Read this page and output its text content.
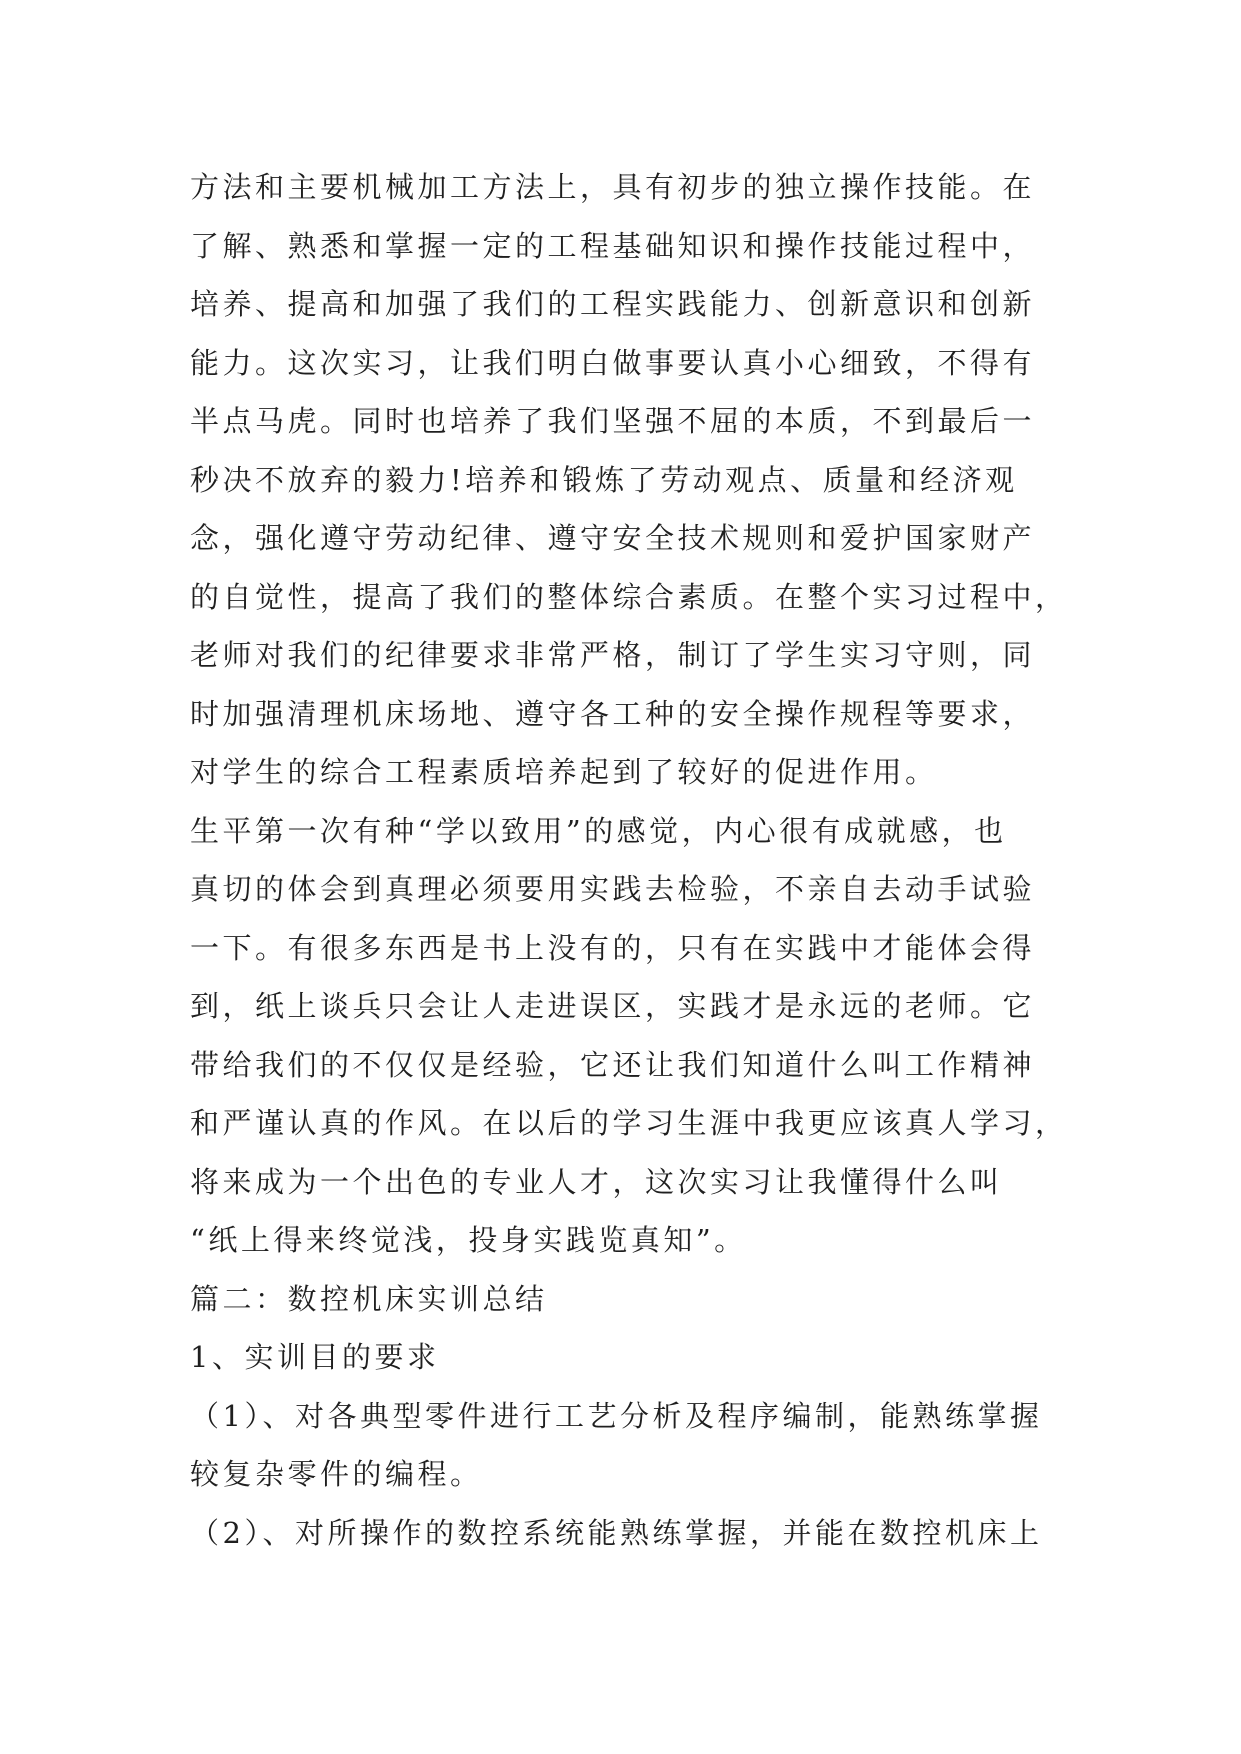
方法和主要机械加工方法上，具有初步的独立操作技能。在
了解、熟悉和掌握一定的工程基础知识和操作技能过程中，
培养、提高和加强了我们的工程实践能力、创新意识和创新
能力。这次实习，让我们明白做事要认真小心细致，不得有
半点马虎。同时也培养了我们坚强不屈的本质，不到最后一
秒决不放弃的毅力!培养和锻炼了劳动观点、质量和经济观
念，强化遵守劳动纪律、遵守安全技术规则和爱护国家财产
的自觉性，提高了我们的整体综合素质。在整个实习过程中，
老师对我们的纪律要求非常严格，制订了学生实习守则，同
时加强清理机床场地、遵守各工种的安全操作规程等要求，
对学生的综合工程素质培养起到了较好的促进作用。
生平第一次有种“学以致用”的感觉，内心很有成就感，也
真切的体会到真理必须要用实践去检验，不亲自去动手试验
一下。有很多东西是书上没有的，只有在实践中才能体会得
到，纸上谈兵只会让人走进误区，实践才是永远的老师。它
带给我们的不仅仅是经验，它还让我们知道什么叫工作精神
和严谨认真的作风。在以后的学习生涯中我更应该真人学习，
将来成为一个出色的专业人才，这次实习让我懂得什么叫
“纸上得来终觉浅，投身实践览真知”。
篇二：数控机床实训总结
1、实训目的要求
（1）、对各典型零件进行工艺分析及程序编制，能熟练掌握
较复杂零件的编程。
（2）、对所操作的数控系统能熟练掌握，并能在数控机床上
